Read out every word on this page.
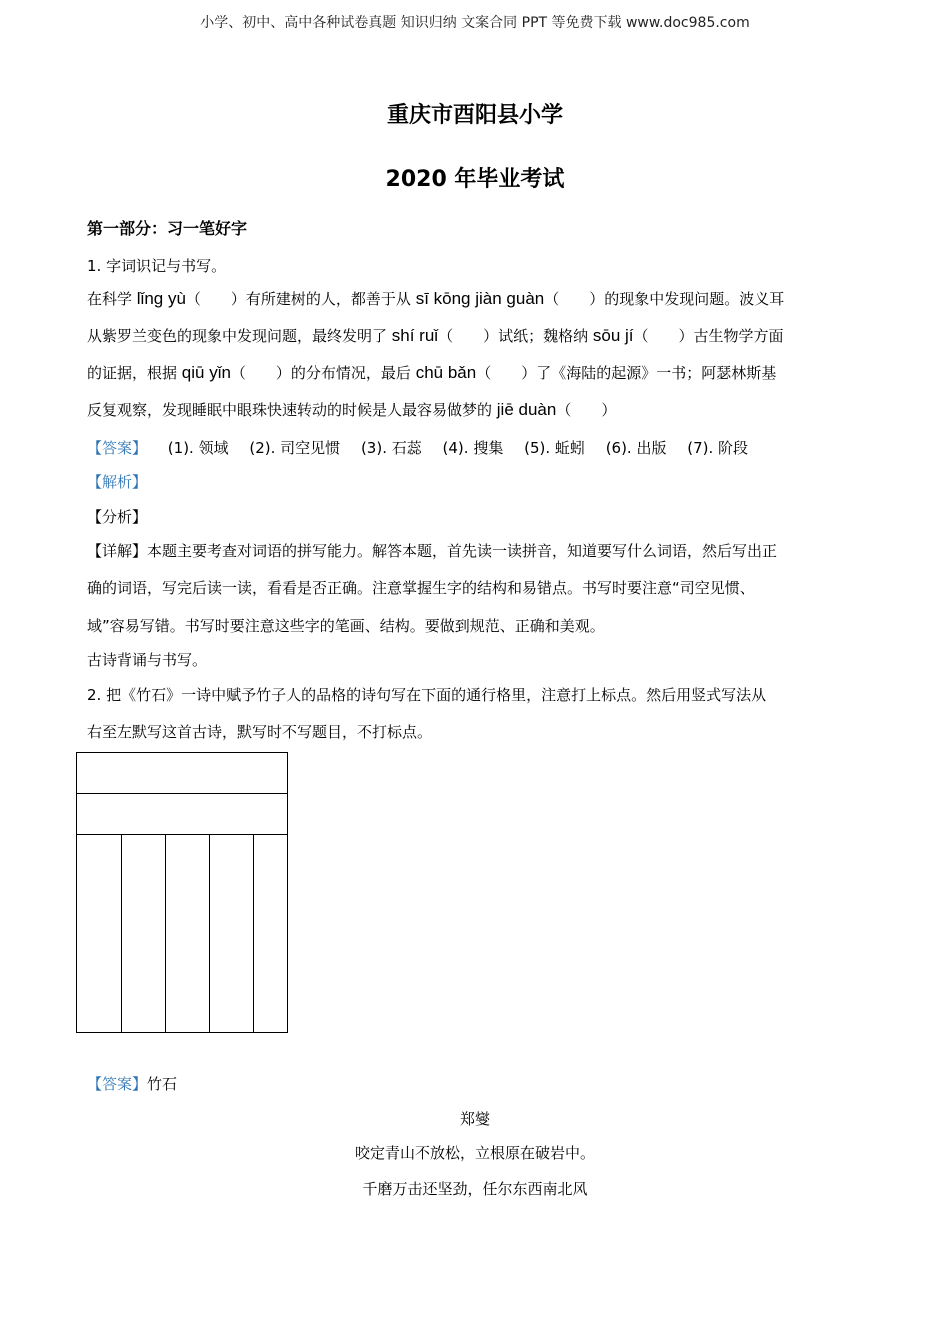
小学、初中、高中各种试卷真题 知识归纳 文案合同 PPT 等免费下载 www.doc985.com
重庆市酉阳县小学
2020 年毕业考试
第一部分：习一笔好字
1. 字词识记与书写。
在科学 lǐng yù（　　）有所建树的人，都善于从 sī kōng jiàn guàn（　　）的现象中发现问题。波义耳
从紫罗兰变色的现象中发现问题，最终发明了 shí ruǐ（　　）试纸；魏格纳 sōu jí（　　）古生物学方面
的证据，根据 qiū yǐn（　　）的分布情况，最后 chū bǎn（　　）了《海陆的起源》一书；阿瑟林斯基
反复观察，发现睡眠中眼珠快速转动的时候是人最容易做梦的 jiē duàn（　　）
【答案】 (1). 领域 (2). 司空见惯 (3). 石蕊 (4). 搜集 (5). 蚯蚓 (6). 出版 (7). 阶段
【解析】
【分析】
【详解】本题主要考查对词语的拼写能力。解答本题，首先读一读拼音，知道要写什么词语，然后写出正
确的词语，写完后读一读，看看是否正确。注意掌握生字的结构和易错点。书写时要注意“司空见惯、
域”容易写错。书写时要注意这些字的笔画、结构。要做到规范、正确和美观。
古诗背诵与书写。
2. 把《竹石》一诗中赋予竹子人的品格的诗句写在下面的通行格里，注意打上标点。然后用竖式写法从
右至左默写这首古诗，默写时不写题目，不打标点。
【答案】竹石
郑燮
咬定青山不放松，立根原在破岩中。
千磨万击还坚劲，任尔东西南北风
